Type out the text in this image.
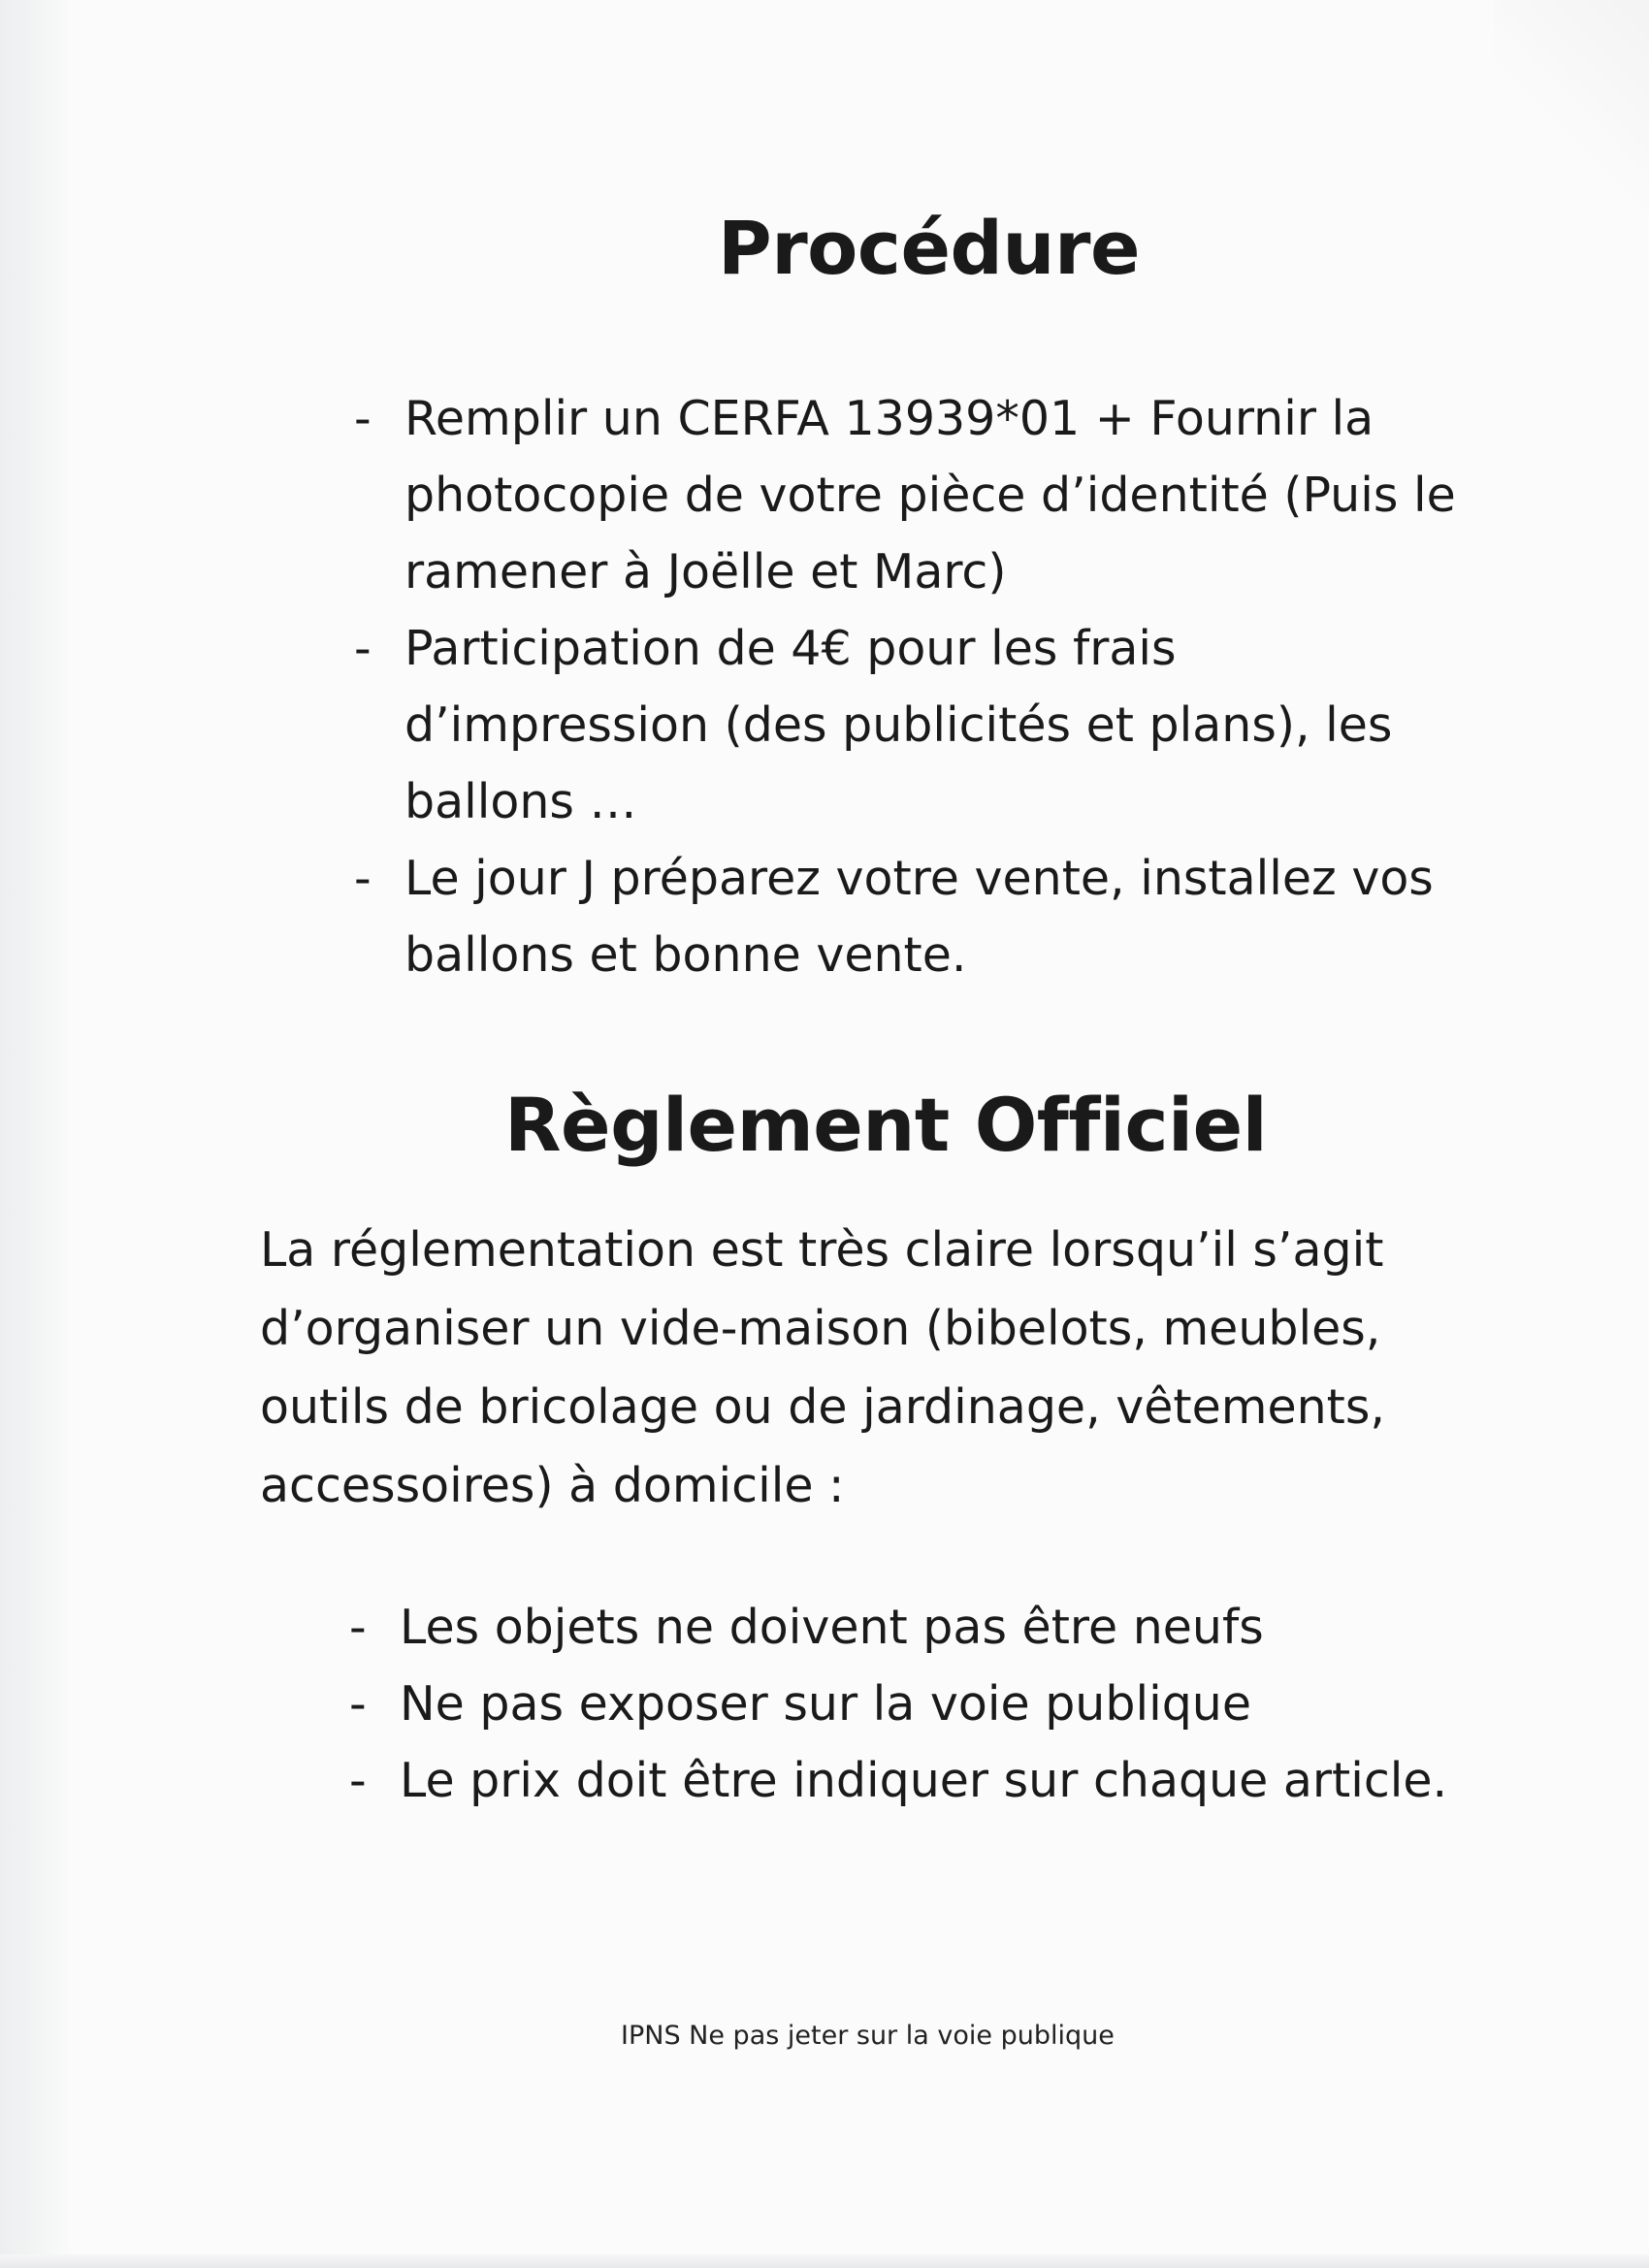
Procédure
- Remplir un CERFA 13939*01 + Fournir la
photocopie de votre pièce d’identité (Puis le
ramener à Joëlle et Marc)
- Participation de 4€ pour les frais
d’impression (des publicités et plans), les
ballons …
- Le jour J préparez votre vente, installez vos
ballons et bonne vente.
Règlement Officiel

La réglementation est très claire lorsqu’il s’agit
d’organiser un vide-maison (bibelots, meubles,
outils de bricolage ou de jardinage, vêtements,
accessoires) à domicile :

- Les objets ne doivent pas être neufs
- Ne pas exposer sur la voie publique
- Le prix doit être indiquer sur chaque article.
IPNS Ne pas jeter sur la voie publique
